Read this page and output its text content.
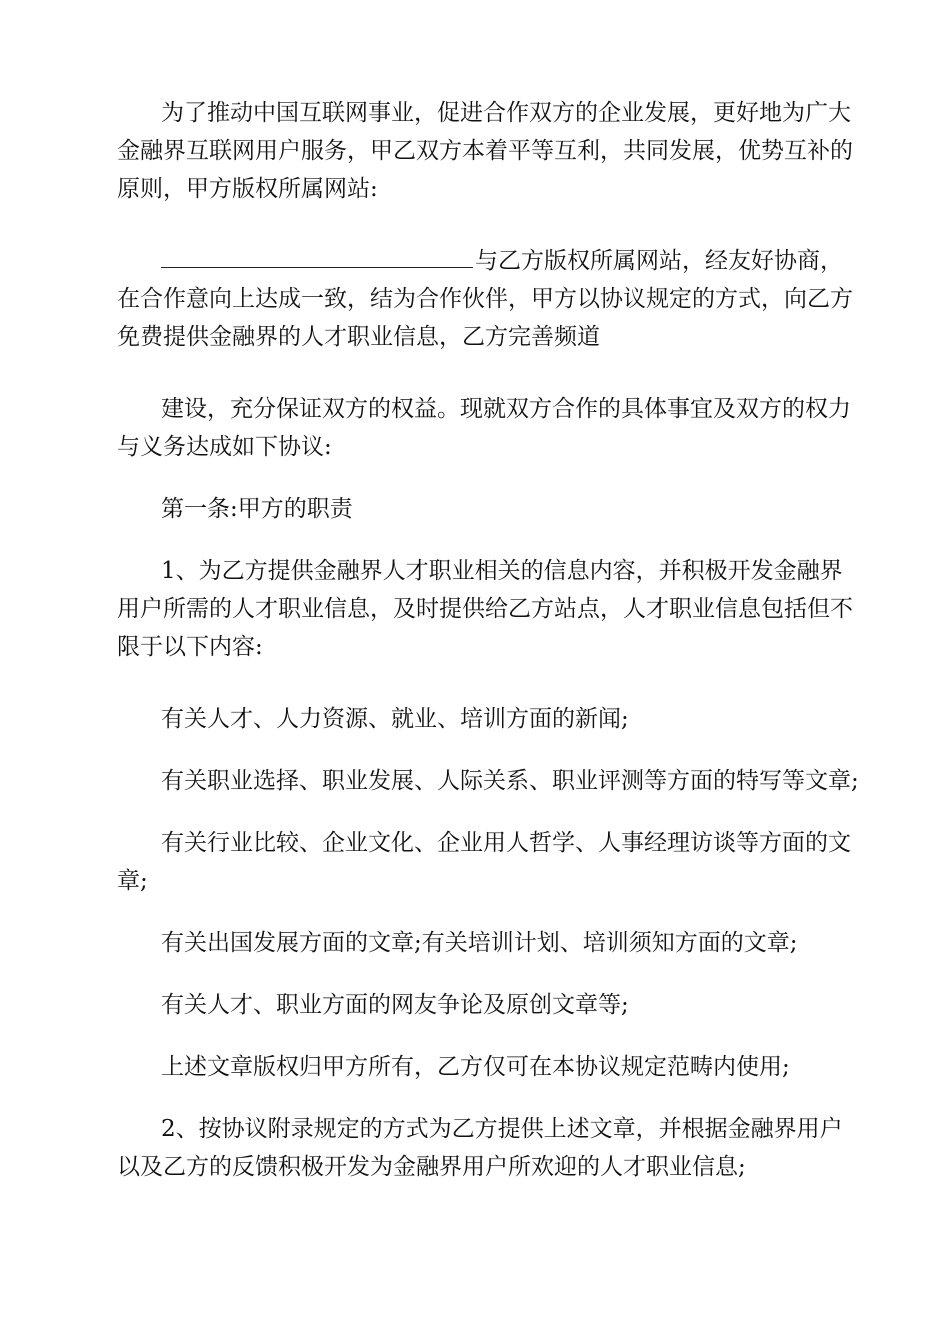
为了推动中国互联网事业，促进合作双方的企业发展，更好地为广大
金融界互联网用户服务，甲乙双方本着平等互利，共同发展，优势互补的
原则，甲方版权所属网站:
与乙方版权所属网站，经友好协商，
在合作意向上达成一致，结为合作伙伴，甲方以协议规定的方式，向乙方
免费提供金融界的人才职业信息，乙方完善频道
建设，充分保证双方的权益。现就双方合作的具体事宜及双方的权力
与义务达成如下协议:
第一条:甲方的职责
1、为乙方提供金融界人才职业相关的信息内容，并积极开发金融界
用户所需的人才职业信息，及时提供给乙方站点，人才职业信息包括但不
限于以下内容:
有关人才、人力资源、就业、培训方面的新闻;
有关职业选择、职业发展、人际关系、职业评测等方面的特写等文章;
有关行业比较、企业文化、企业用人哲学、人事经理访谈等方面的文
章;
有关出国发展方面的文章;有关培训计划、培训须知方面的文章;
有关人才、职业方面的网友争论及原创文章等;
上述文章版权归甲方所有，乙方仅可在本协议规定范畴内使用;
2、按协议附录规定的方式为乙方提供上述文章，并根据金融界用户
以及乙方的反馈积极开发为金融界用户所欢迎的人才职业信息;
